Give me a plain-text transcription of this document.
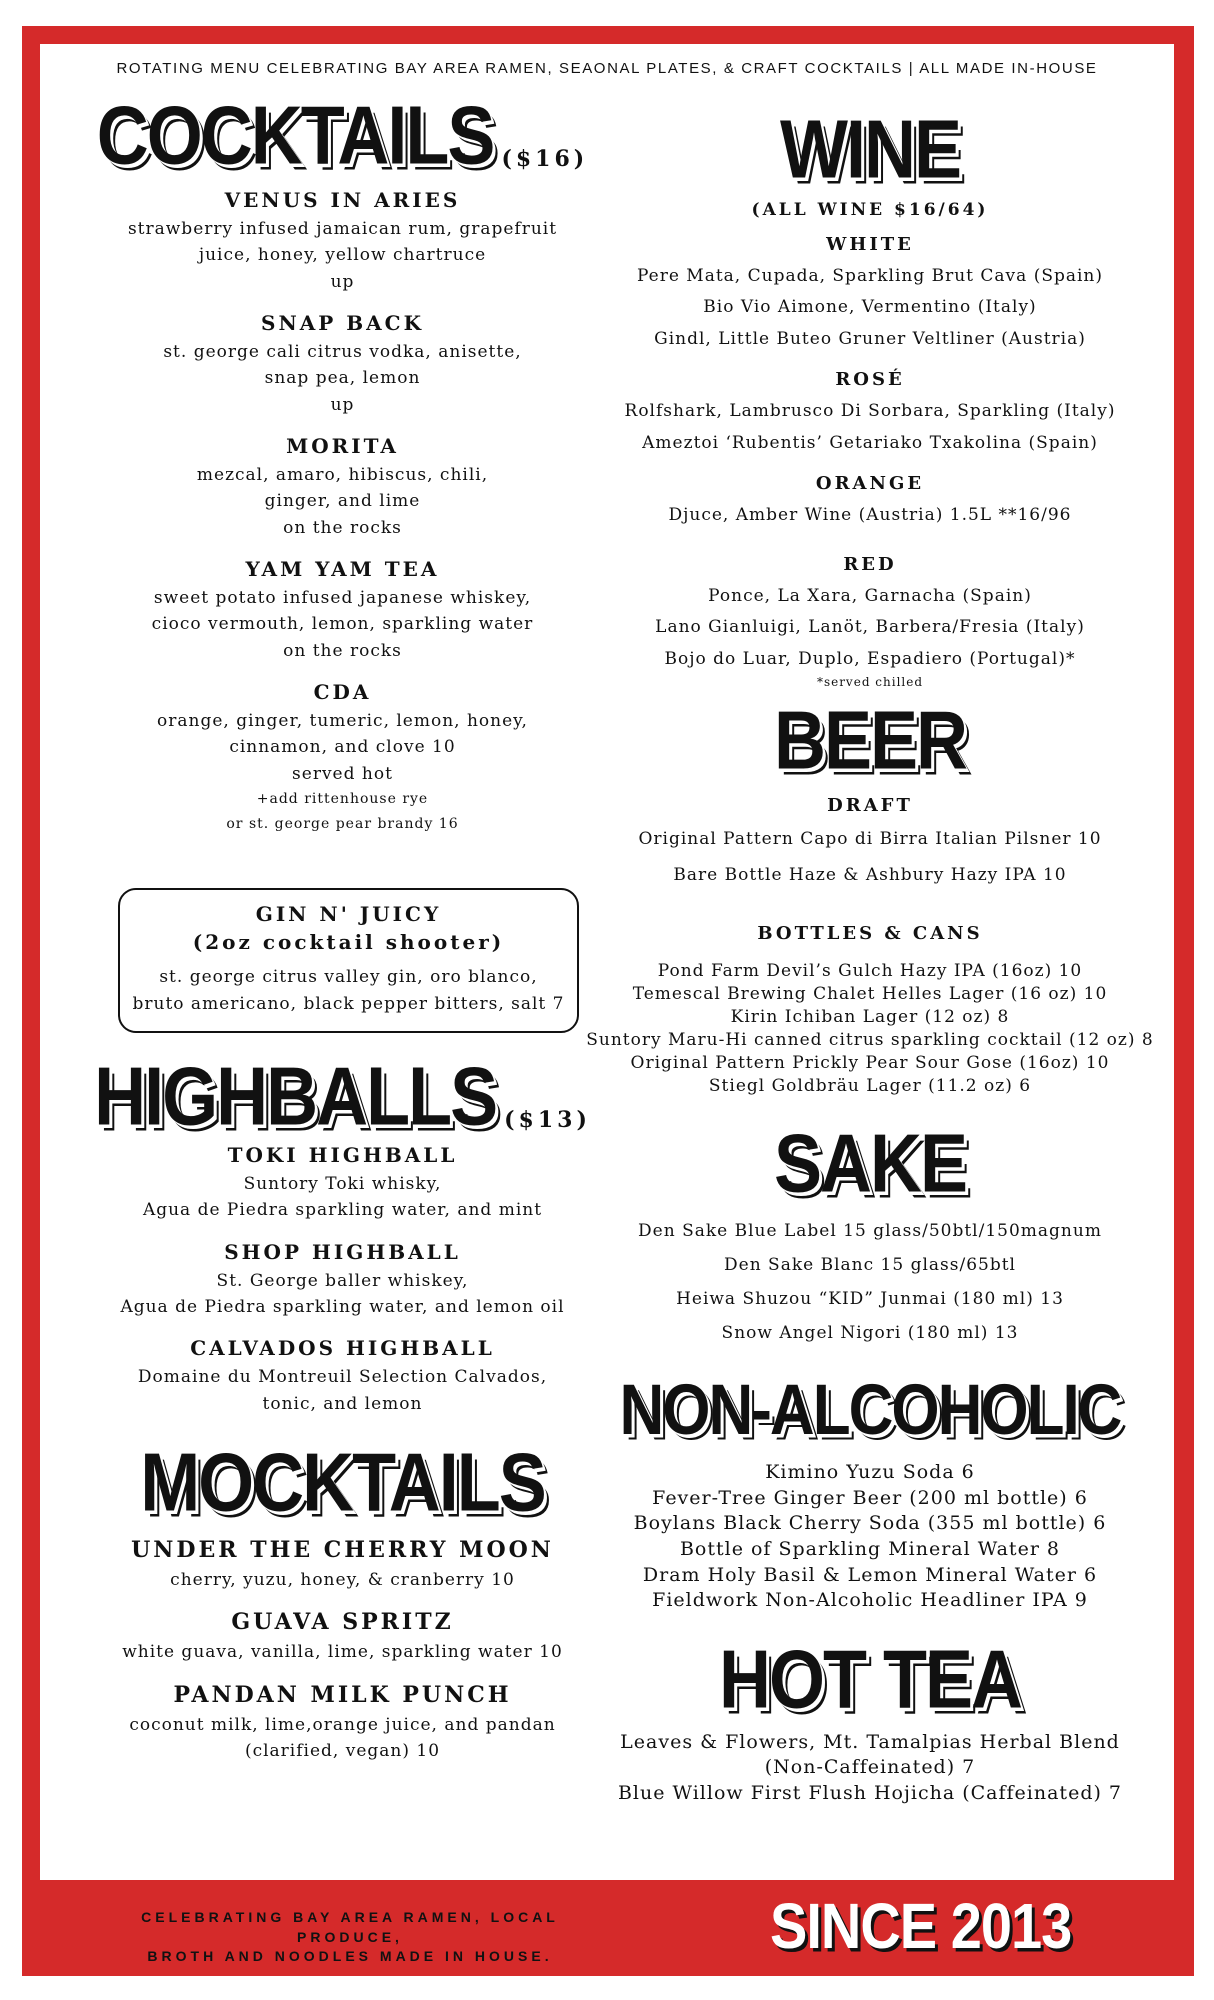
ROTATING MENU CELEBRATING BAY AREA RAMEN, SEAONAL PLATES, & CRAFT COCKTAILS | ALL MADE IN-HOUSE
COCKTAILS ($16)
VENUS IN ARIES
strawberry infused jamaican rum, grapefruit
juice, honey, yellow chartruce
up
SNAP BACK
st. george cali citrus vodka, anisette,
snap pea, lemon
up
MORITA
mezcal, amaro, hibiscus, chili,
ginger, and lime
on the rocks
YAM YAM TEA
sweet potato infused japanese whiskey,
cioco vermouth, lemon, sparkling water
on the rocks
CDA
orange, ginger, tumeric, lemon, honey,
cinnamon, and clove 10
served hot
+add rittenhouse rye
or st. george pear brandy 16
GIN N' JUICY
(2oz cocktail shooter)
st. george citrus valley gin, oro blanco,
bruto americano, black pepper bitters, salt 7
HIGHBALLS ($13)
TOKI HIGHBALL
Suntory Toki whisky,
Agua de Piedra sparkling water, and mint
SHOP HIGHBALL
St. George baller whiskey,
Agua de Piedra sparkling water, and lemon oil
CALVADOS HIGHBALL
Domaine du Montreuil Selection Calvados,
tonic, and lemon
MOCKTAILS
UNDER THE CHERRY MOON
cherry, yuzu, honey, & cranberry 10
GUAVA SPRITZ
white guava, vanilla, lime, sparkling water 10
PANDAN MILK PUNCH
coconut milk, lime,orange juice, and pandan
(clarified, vegan) 10
WINE
(ALL WINE $16/64)
WHITE
Pere Mata, Cupada, Sparkling Brut Cava (Spain)
Bio Vio Aimone, Vermentino (Italy)
Gindl, Little Buteo Gruner Veltliner (Austria)
ROSÉ
Rolfshark, Lambrusco Di Sorbara, Sparkling (Italy)
Ameztoi ‘Rubentis’ Getariako Txakolina (Spain)
ORANGE
Djuce, Amber Wine (Austria) 1.5L **16/96
RED
Ponce, La Xara, Garnacha (Spain)
Lano Gianluigi, Lanöt, Barbera/Fresia (Italy)
Bojo do Luar, Duplo, Espadiero (Portugal)*
*served chilled
BEER
DRAFT
Original Pattern Capo di Birra Italian Pilsner 10
Bare Bottle Haze & Ashbury Hazy IPA 10
BOTTLES & CANS
Pond Farm Devil’s Gulch Hazy IPA (16oz) 10
Temescal Brewing Chalet Helles Lager (16 oz) 10
Kirin Ichiban Lager (12 oz) 8
Suntory Maru-Hi canned citrus sparkling cocktail (12 oz) 8
Original Pattern Prickly Pear Sour Gose (16oz) 10
Stiegl Goldbräu Lager (11.2 oz) 6
SAKE
Den Sake Blue Label 15 glass/50btl/150magnum
Den Sake Blanc 15 glass/65btl
Heiwa Shuzou “KID” Junmai (180 ml) 13
Snow Angel Nigori (180 ml) 13
NON-ALCOHOLIC
Kimino Yuzu Soda 6
Fever-Tree Ginger Beer (200 ml bottle) 6
Boylans Black Cherry Soda (355 ml bottle) 6
Bottle of Sparkling Mineral Water 8
Dram Holy Basil & Lemon Mineral Water 6
Fieldwork Non-Alcoholic Headliner IPA 9
HOT TEA
Leaves & Flowers, Mt. Tamalpias Herbal Blend
(Non-Caffeinated) 7
Blue Willow First Flush Hojicha (Caffeinated) 7
CELEBRATING BAY AREA RAMEN, LOCAL PRODUCE,
BROTH AND NOODLES MADE IN HOUSE.	SINCE 2013
